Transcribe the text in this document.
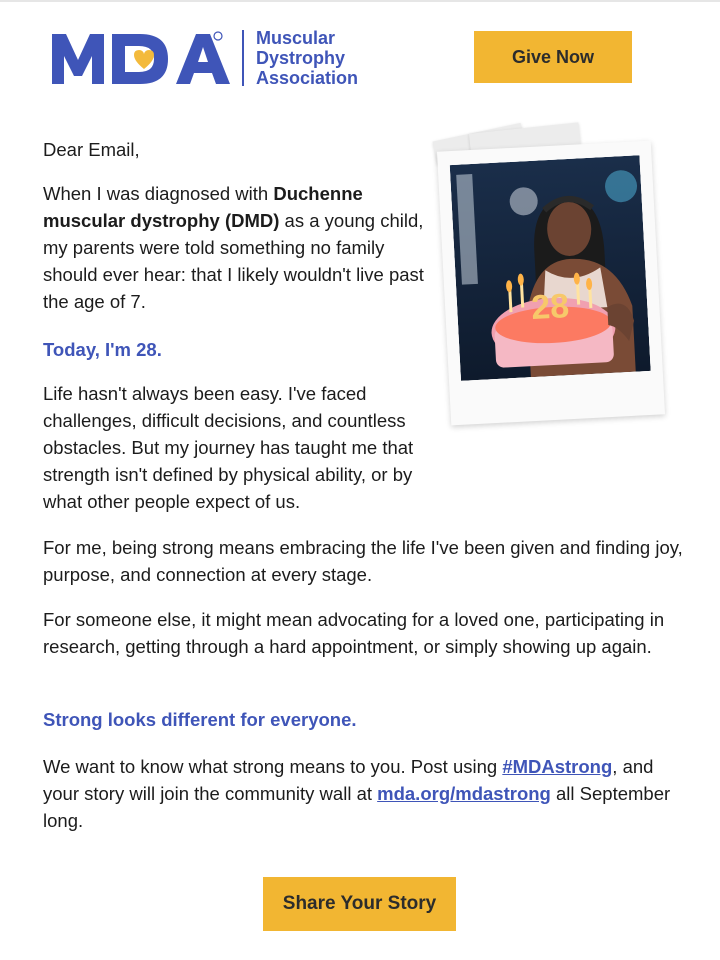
Muscular
Dystrophy
Association
Give Now

Dear Email,

When I was diagnosed with Duchenne muscular dystrophy (DMD) as a young child, my parents were told something no family should ever hear: that I likely wouldn't live past the age of 7.

Today, I'm 28.

Life hasn't always been easy. I've faced challenges, difficult decisions, and countless obstacles. But my journey has taught me that strength isn't defined by physical ability, or by what other people expect of us.

For me, being strong means embracing the life I've been given and finding joy, purpose, and connection at every stage.

For someone else, it might mean advocating for a loved one, participating in research, getting through a hard appointment, or simply showing up again.

Strong looks different for everyone.

We want to know what strong means to you. Post using #MDAstrong, and your story will join the community wall at mda.org/mdastrong all September long.

28
Share Your Story
